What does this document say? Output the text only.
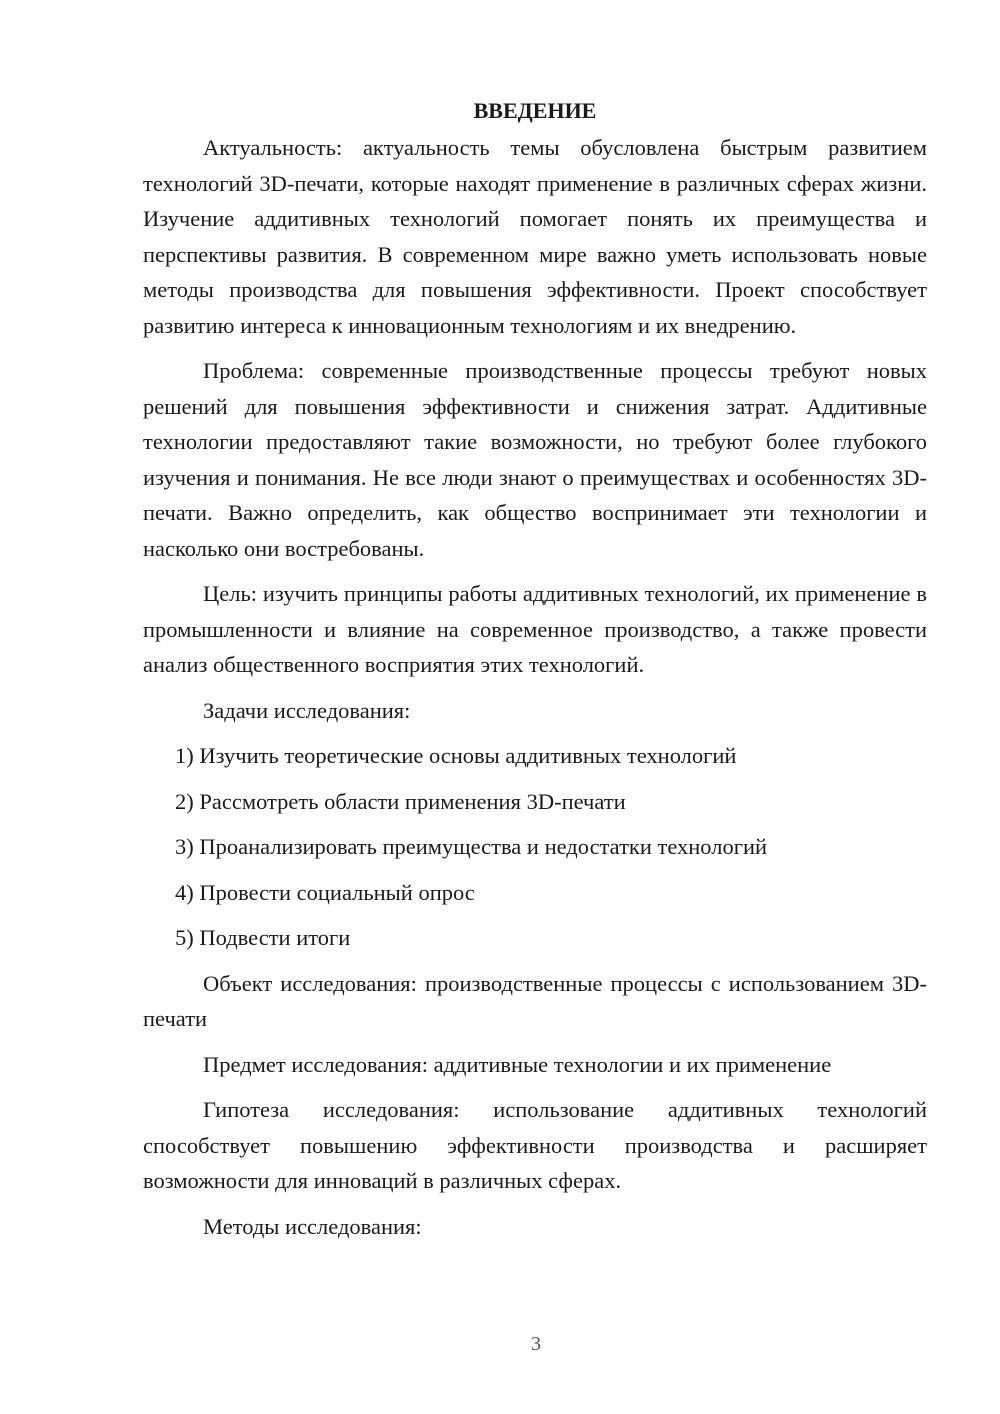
ВВЕДЕНИЕ

Актуальность: актуальность темы обусловлена быстрым развитием технологий 3D-печати, которые находят применение в различных сферах жизни. Изучение аддитивных технологий помогает понять их преимущества и перспективы развития. В современном мире важно уметь использовать новые методы производства для повышения эффективности. Проект способствует развитию интереса к инновационным технологиям и их внедрению.

Проблема: современные производственные процессы требуют новых решений для повышения эффективности и снижения затрат. Аддитивные технологии предоставляют такие возможности, но требуют более глубокого изучения и понимания. Не все люди знают о преимуществах и особенностях 3D-печати. Важно определить, как общество воспринимает эти технологии и насколько они востребованы.

Цель: изучить принципы работы аддитивных технологий, их применение в промышленности и влияние на современное производство, а также провести анализ общественного восприятия этих технологий.

Задачи исследования:

1) Изучить теоретические основы аддитивных технологий
2) Рассмотреть области применения 3D-печати
3) Проанализировать преимущества и недостатки технологий
4) Провести социальный опрос
5) Подвести итоги

Объект исследования: производственные процессы с использованием 3D-печати

Предмет исследования: аддитивные технологии и их применение

Гипотеза исследования: использование аддитивных технологий способствует повышению эффективности производства и расширяет возможности для инноваций в различных сферах.

Методы исследования:

3
